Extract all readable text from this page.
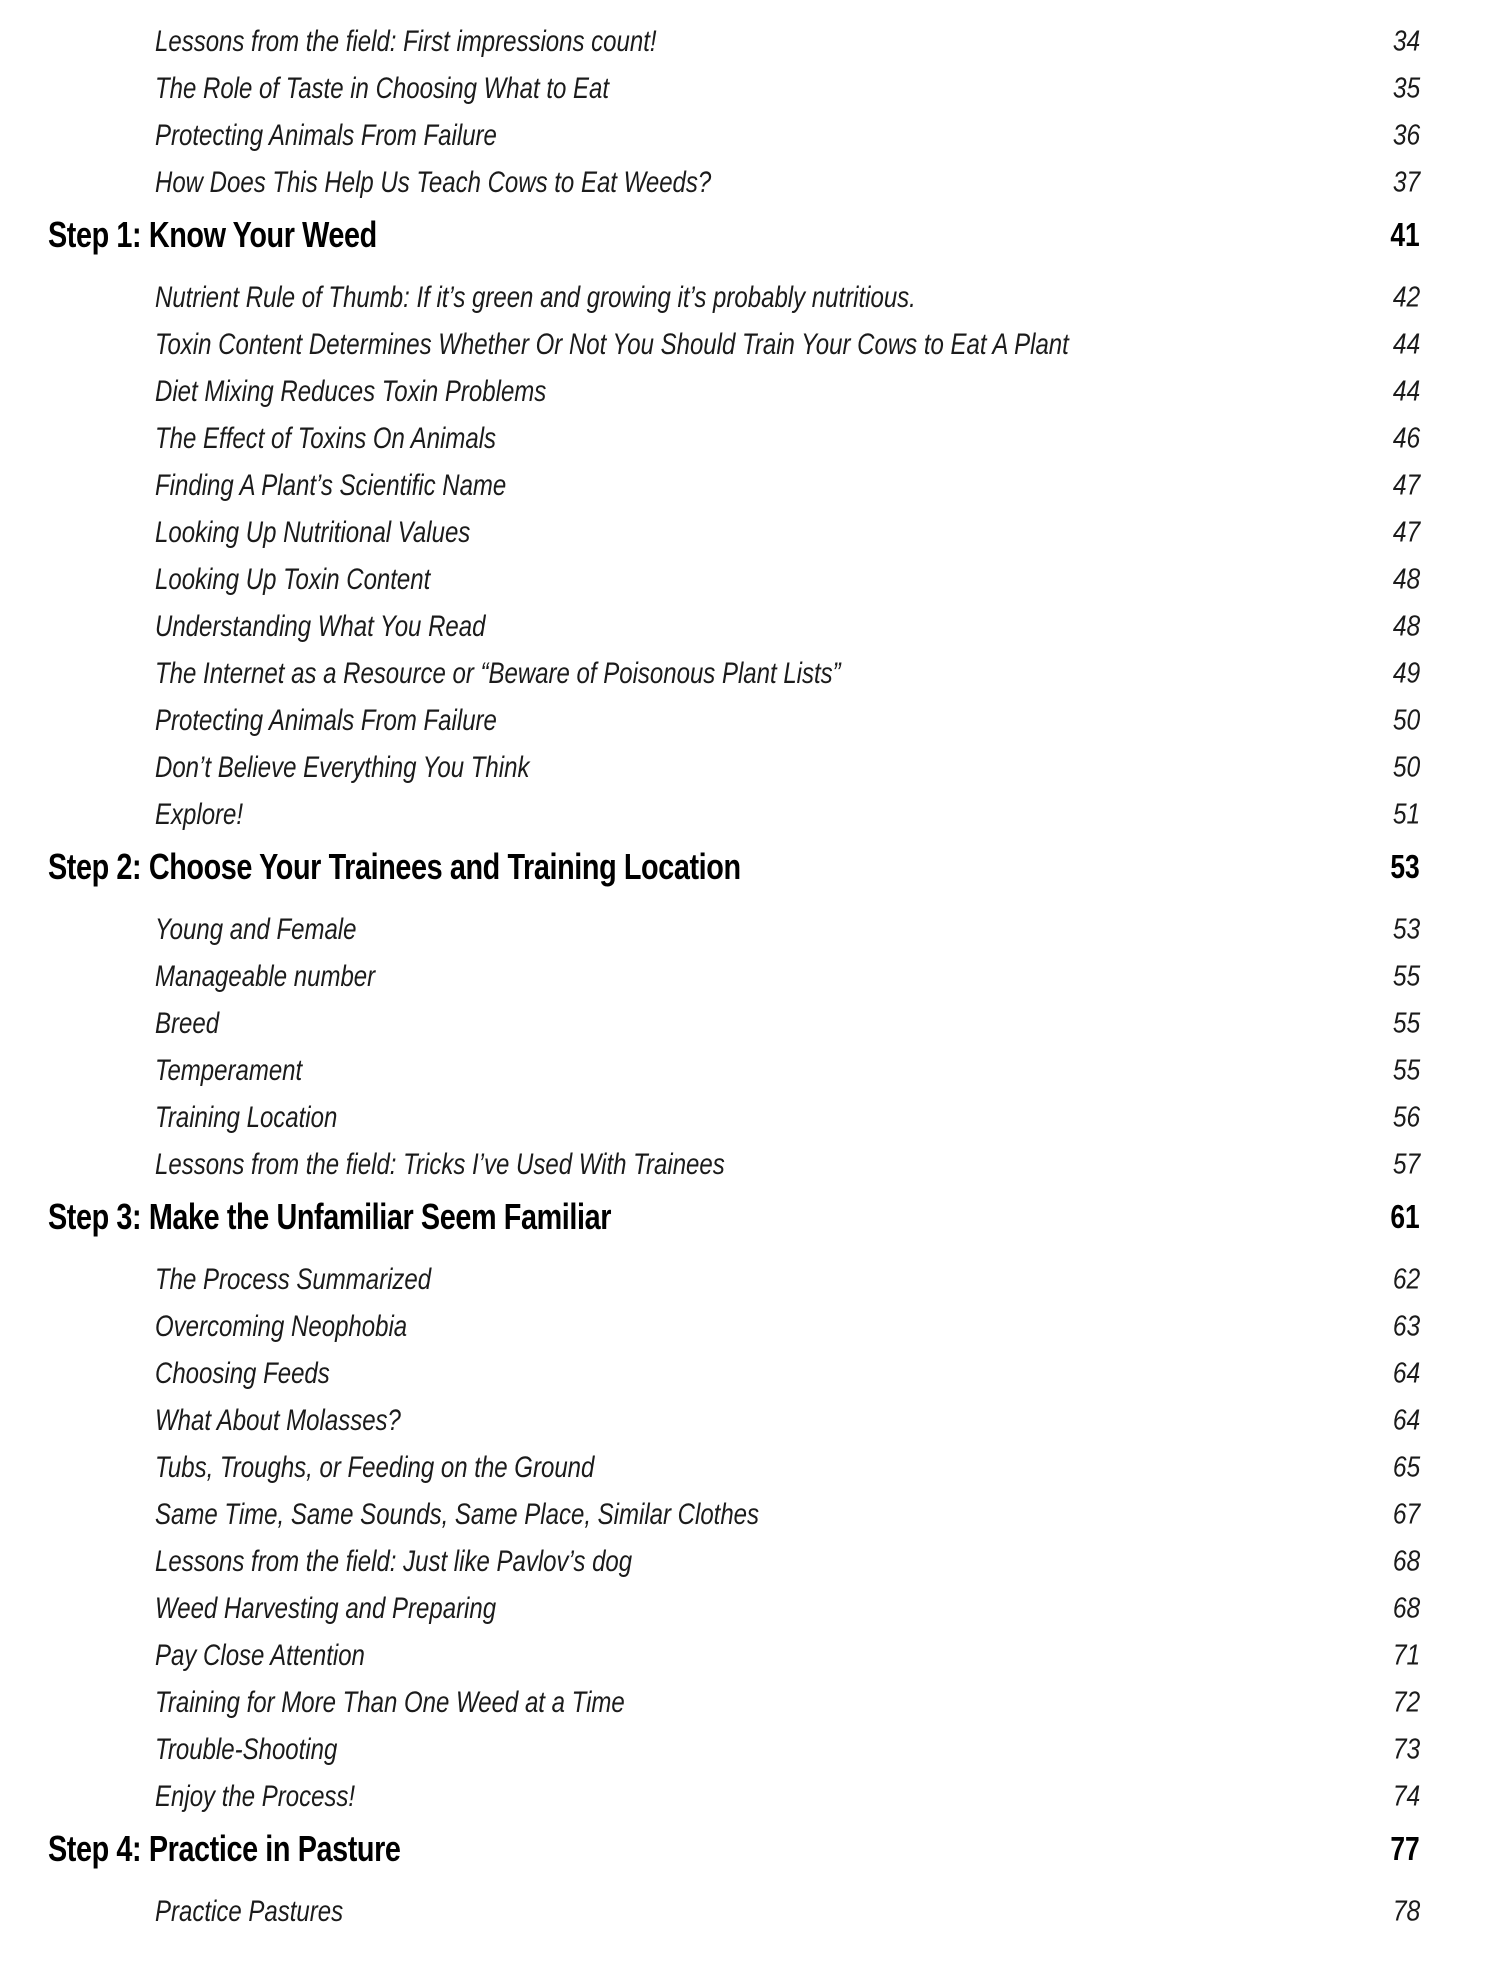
Lessons from the field: First impressions count!	34
The Role of Taste in Choosing What to Eat	35
Protecting Animals From Failure	36
How Does This Help Us Teach Cows to Eat Weeds?	37
Step 1: Know Your Weed	41
Nutrient Rule of Thumb: If it’s green and growing it’s probably nutritious.	42
Toxin Content Determines Whether Or Not You Should Train Your Cows to Eat A Plant	44
Diet Mixing Reduces Toxin Problems	44
The Effect of Toxins On Animals	46
Finding A Plant’s Scientific Name	47
Looking Up Nutritional Values	47
Looking Up Toxin Content	48
Understanding What You Read	48
The Internet as a Resource or “Beware of Poisonous Plant Lists”	49
Protecting Animals From Failure	50
Don’t Believe Everything You Think	50
Explore!	51
Step 2: Choose Your Trainees and Training Location	53
Young and Female	53
Manageable number	55
Breed	55
Temperament	55
Training Location	56
Lessons from the field: Tricks I’ve Used With Trainees	57
Step 3: Make the Unfamiliar Seem Familiar	61
The Process Summarized	62
Overcoming Neophobia	63
Choosing Feeds	64
What About Molasses?	64
Tubs, Troughs, or Feeding on the Ground	65
Same Time, Same Sounds, Same Place, Similar Clothes	67
Lessons from the field: Just like Pavlov’s dog	68
Weed Harvesting and Preparing	68
Pay Close Attention	71
Training for More Than One Weed at a Time	72
Trouble-Shooting	73
Enjoy the Process!	74
Step 4: Practice in Pasture	77
Practice Pastures	78
